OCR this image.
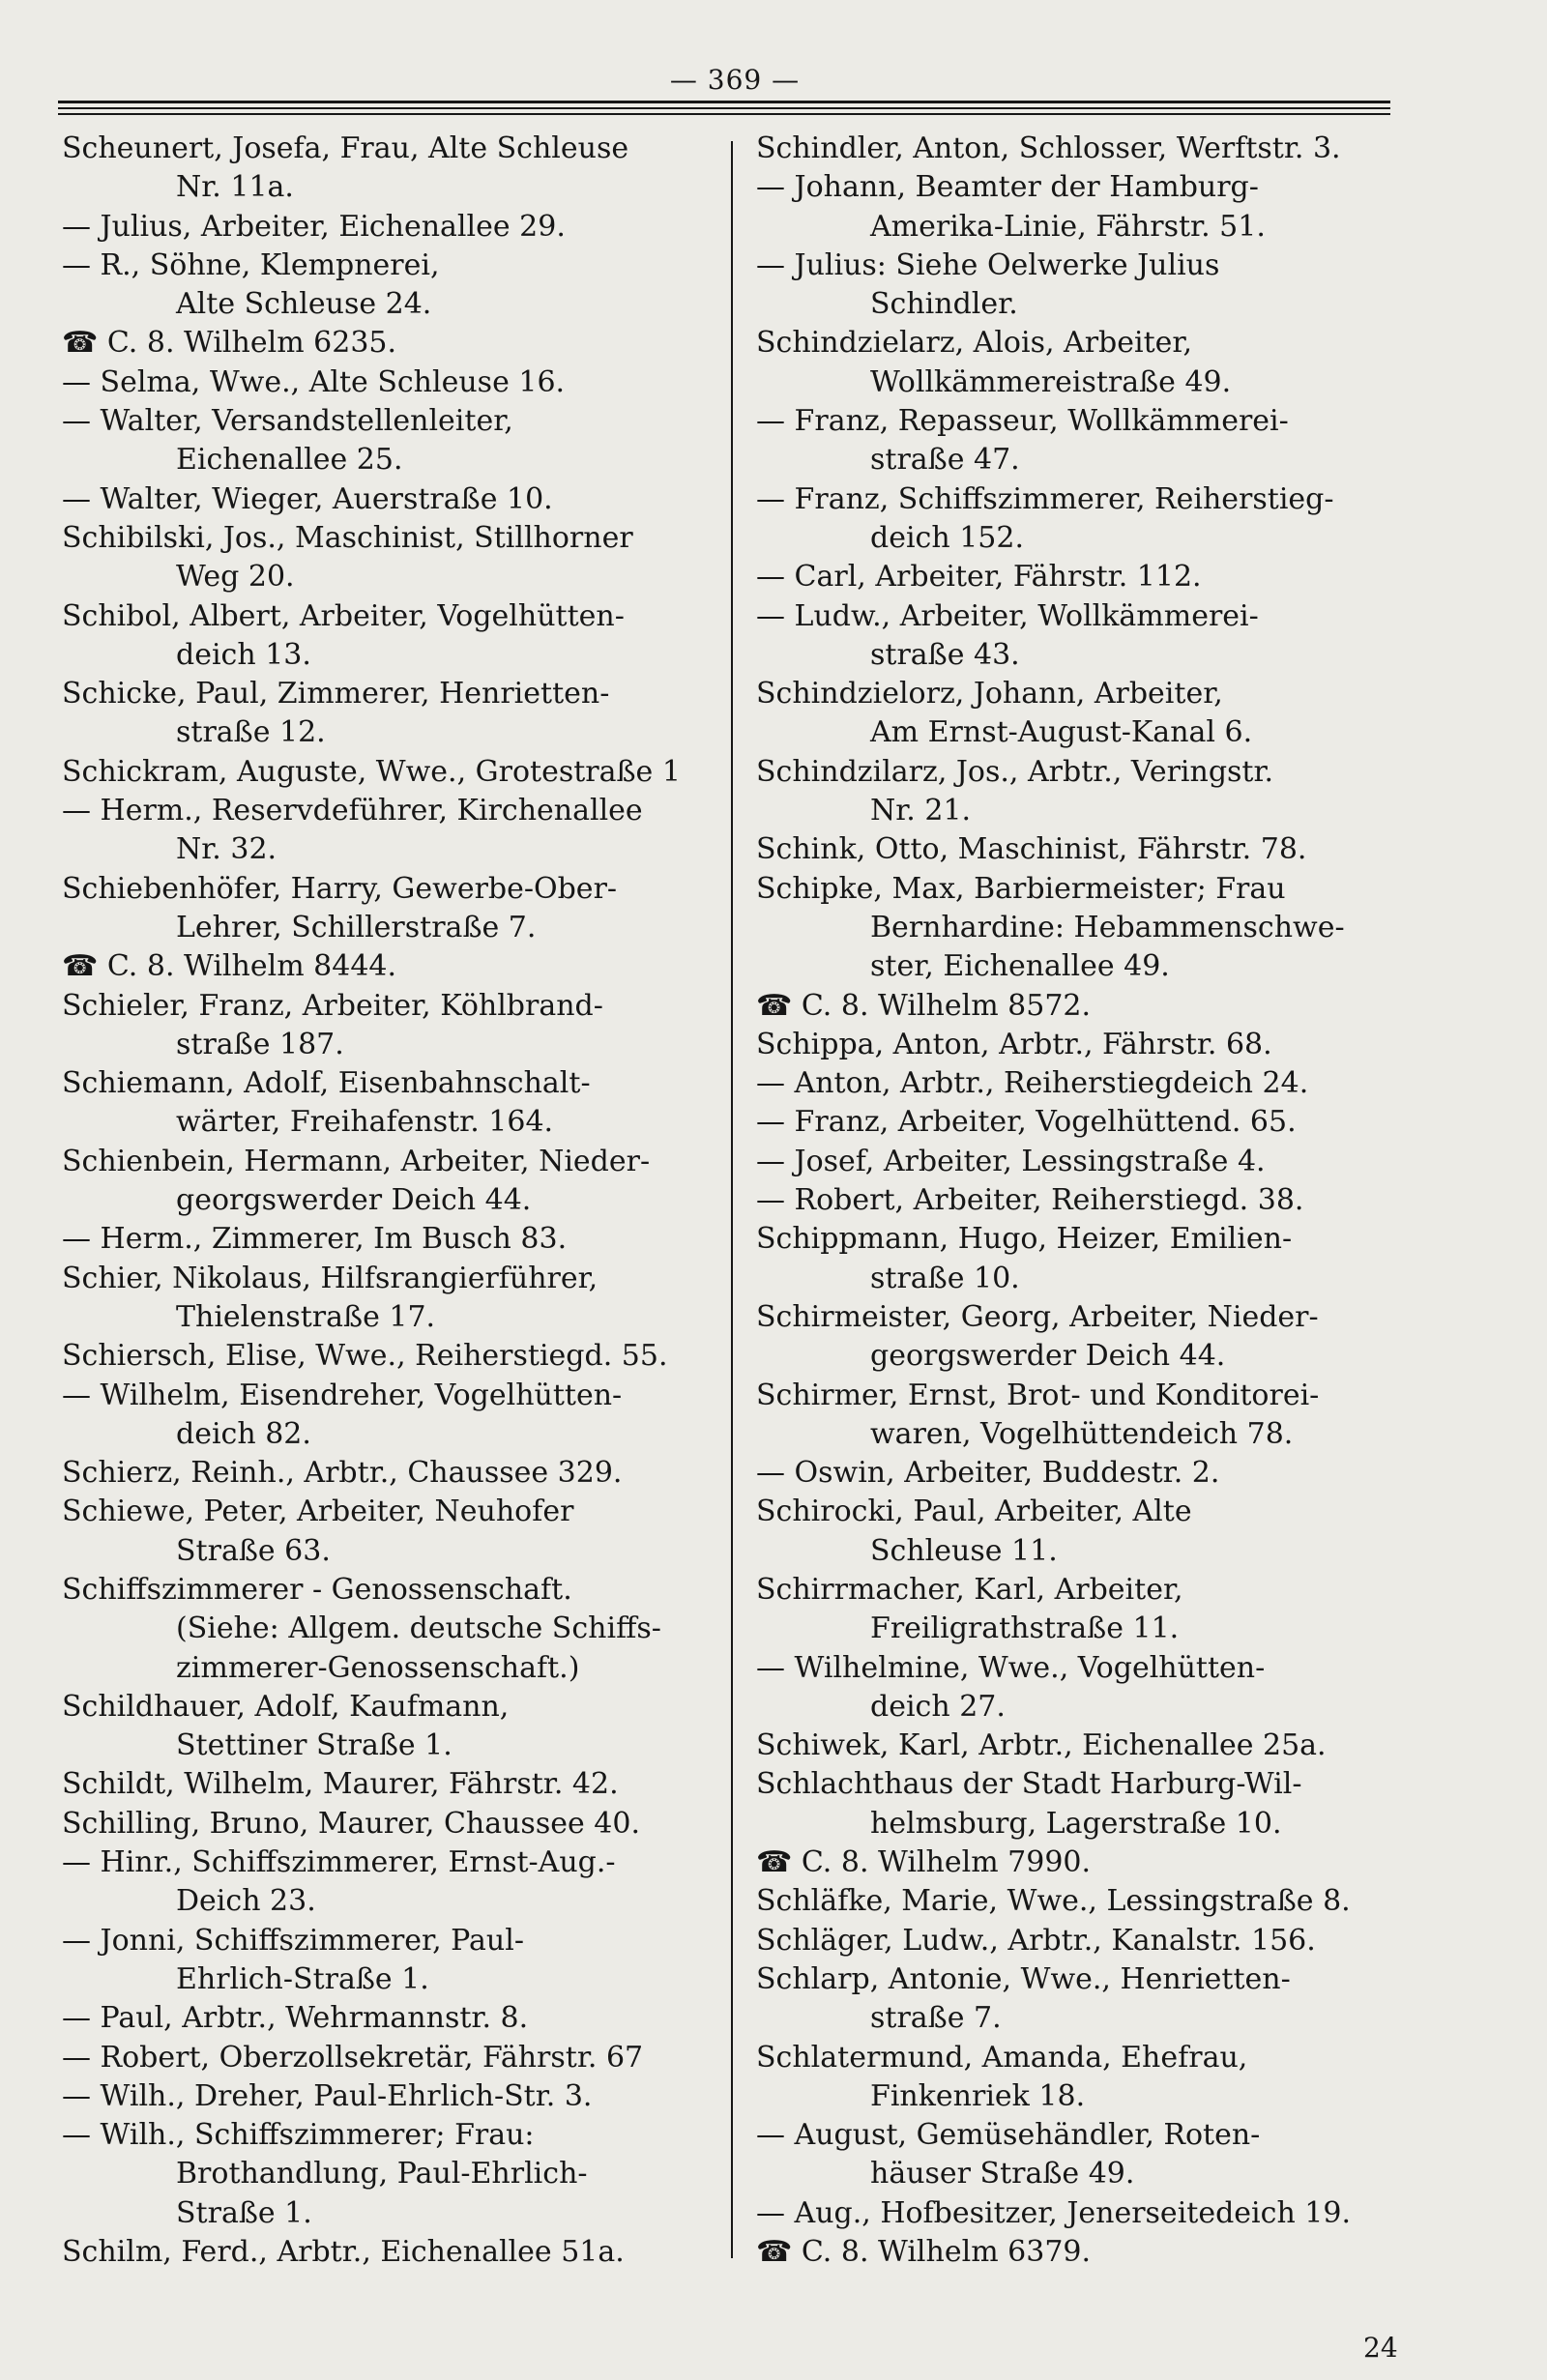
— 369 —
Scheunert, Josefa, Frau, Alte Schleuse
Nr. 11a.
— Julius, Arbeiter, Eichenallee 29.
— R., Söhne, Klempnerei,
Alte Schleuse 24.
☎ C. 8. Wilhelm 6235.
— Selma, Wwe., Alte Schleuse 16.
— Walter, Versandstellenleiter,
Eichenallee 25.
— Walter, Wieger, Auerstraße 10.
Schibilski, Jos., Maschinist, Stillhorner
Weg 20.
Schibol, Albert, Arbeiter, Vogelhütten-
deich 13.
Schicke, Paul, Zimmerer, Henrietten-
straße 12.
Schickram, Auguste, Wwe., Grotestraße 1
— Herm., Reservdeführer, Kirchenallee
Nr. 32.
Schiebenhöfer, Harry, Gewerbe-Ober-
Lehrer, Schillerstraße 7.
☎ C. 8. Wilhelm 8444.
Schieler, Franz, Arbeiter, Köhlbrand-
straße 187.
Schiemann, Adolf, Eisenbahnschalt-
wärter, Freihafenstr. 164.
Schienbein, Hermann, Arbeiter, Nieder-
georgswerder Deich 44.
— Herm., Zimmerer, Im Busch 83.
Schier, Nikolaus, Hilfsrangierführer,
Thielenstraße 17.
Schiersch, Elise, Wwe., Reiherstiegd. 55.
— Wilhelm, Eisendreher, Vogelhütten-
deich 82.
Schierz, Reinh., Arbtr., Chaussee 329.
Schiewe, Peter, Arbeiter, Neuhofer
Straße 63.
Schiffszimmerer - Genossenschaft.
(Siehe: Allgem. deutsche Schiffs-
zimmerer-Genossenschaft.)
Schildhauer, Adolf, Kaufmann,
Stettiner Straße 1.
Schildt, Wilhelm, Maurer, Fährstr. 42.
Schilling, Bruno, Maurer, Chaussee 40.
— Hinr., Schiffszimmerer, Ernst-Aug.-
Deich 23.
— Jonni, Schiffszimmerer, Paul-
Ehrlich-Straße 1.
— Paul, Arbtr., Wehrmannstr. 8.
— Robert, Oberzollsekretär, Fährstr. 67
— Wilh., Dreher, Paul-Ehrlich-Str. 3.
— Wilh., Schiffszimmerer; Frau:
Brothandlung, Paul-Ehrlich-
Straße 1.
Schilm, Ferd., Arbtr., Eichenallee 51a.
Schindler, Anton, Schlosser, Werftstr. 3.
— Johann, Beamter der Hamburg-
Amerika-Linie, Fährstr. 51.
— Julius: Siehe Oelwerke Julius
Schindler.
Schindzielarz, Alois, Arbeiter,
Wollkämmereistraße 49.
— Franz, Repasseur, Wollkämmerei-
straße 47.
— Franz, Schiffszimmerer, Reiherstieg-
deich 152.
— Carl, Arbeiter, Fährstr. 112.
— Ludw., Arbeiter, Wollkämmerei-
straße 43.
Schindzielorz, Johann, Arbeiter,
Am Ernst-August-Kanal 6.
Schindzilarz, Jos., Arbtr., Veringstr.
Nr. 21.
Schink, Otto, Maschinist, Fährstr. 78.
Schipke, Max, Barbiermeister; Frau
Bernhardine: Hebammenschwe-
ster, Eichenallee 49.
☎ C. 8. Wilhelm 8572.
Schippa, Anton, Arbtr., Fährstr. 68.
— Anton, Arbtr., Reiherstiegdeich 24.
— Franz, Arbeiter, Vogelhüttend. 65.
— Josef, Arbeiter, Lessingstraße 4.
— Robert, Arbeiter, Reiherstiegd. 38.
Schippmann, Hugo, Heizer, Emilien-
straße 10.
Schirmeister, Georg, Arbeiter, Nieder-
georgswerder Deich 44.
Schirmer, Ernst, Brot- und Konditorei-
waren, Vogelhüttendeich 78.
— Oswin, Arbeiter, Buddestr. 2.
Schirocki, Paul, Arbeiter, Alte
Schleuse 11.
Schirrmacher, Karl, Arbeiter,
Freiligrathstraße 11.
— Wilhelmine, Wwe., Vogelhütten-
deich 27.
Schiwek, Karl, Arbtr., Eichenallee 25a.
Schlachthaus der Stadt Harburg-Wil-
helmsburg, Lagerstraße 10.
☎ C. 8. Wilhelm 7990.
Schläfke, Marie, Wwe., Lessingstraße 8.
Schläger, Ludw., Arbtr., Kanalstr. 156.
Schlarp, Antonie, Wwe., Henrietten-
straße 7.
Schlatermund, Amanda, Ehefrau,
Finkenriek 18.
— August, Gemüsehändler, Roten-
häuser Straße 49.
— Aug., Hofbesitzer, Jenerseitedeich 19.
☎ C. 8. Wilhelm 6379.
24
